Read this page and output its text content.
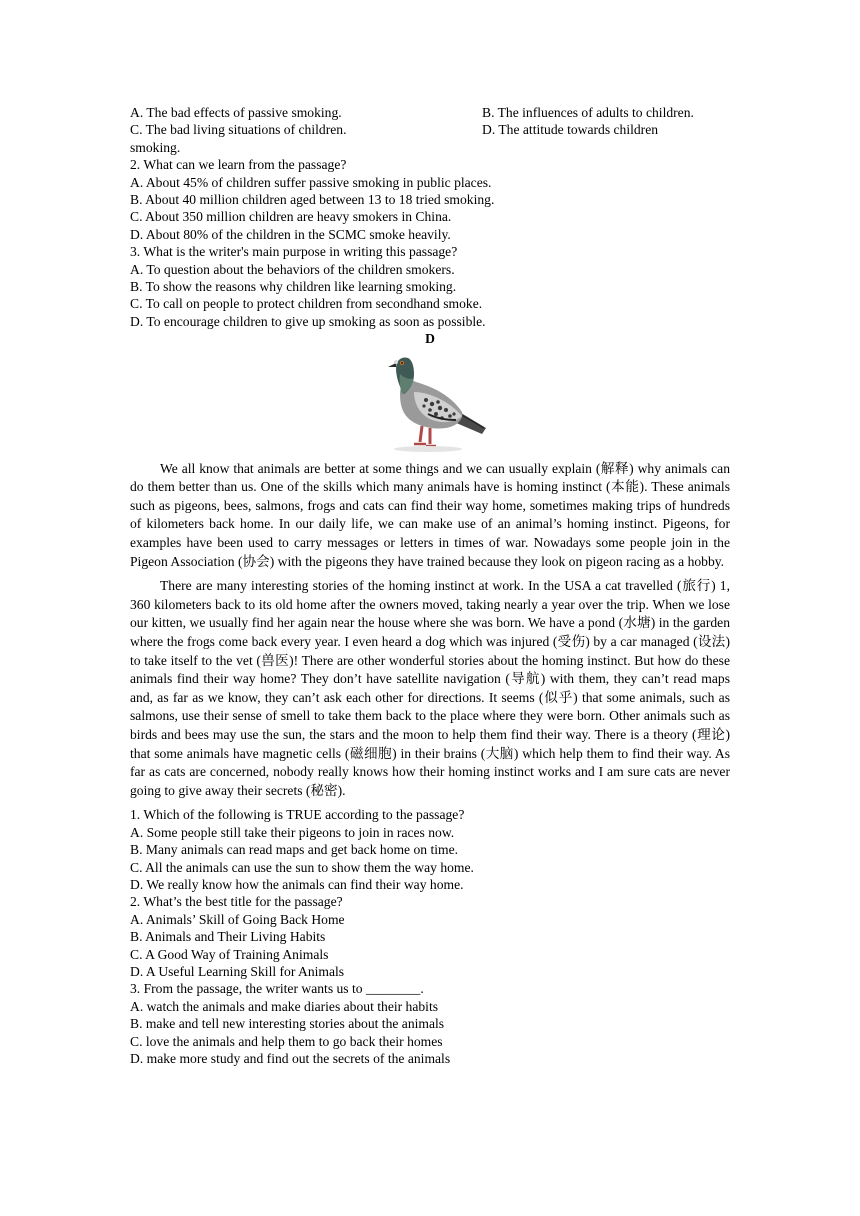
A. The bad effects of passive smoking.	B. The influences of adults to children.
C. The bad living situations of children.	D. The attitude towards children
smoking.
2. What can we learn from the passage?
A. About 45% of children suffer passive smoking in public places.
B. About 40 million children aged between 13 to 18 tried smoking.
C. About 350 million children are heavy smokers in China.
D. About 80% of the children in the SCMC smoke heavily.
3. What is the writer's main purpose in writing this passage?
A. To question about the behaviors of the children smokers.
B. To show the reasons why children like learning smoking.
C. To call on people to protect children from secondhand smoke.
D. To encourage children to give up smoking as soon as possible.
D

We all know that animals are better at some things and we can usually explain (解释) why animals can do them better than us. One of the skills which many animals have is homing instinct (本能). These animals such as pigeons, bees, salmons, frogs and cats can find their way home, sometimes making trips of hundreds of kilometers back home. In our daily life, we can make use of an animal’s homing instinct. Pigeons, for examples have been used to carry messages or letters in times of war. Nowadays some people join in the Pigeon Association (协会) with the pigeons they have trained because they look on pigeon racing as a hobby.

There are many interesting stories of the homing instinct at work. In the USA a cat travelled (旅行) 1, 360 kilometers back to its old home after the owners moved, taking nearly a year over the trip. When we lose our kitten, we usually find her again near the house where she was born. We have a pond (水塘) in the garden where the frogs come back every year. I even heard a dog which was injured (受伤) by a car managed (设法) to take itself to the vet (兽医)! There are other wonderful stories about the homing instinct. But how do these animals find their way home? They don’t have satellite navigation (导航) with them, they can’t read maps and, as far as we know, they can’t ask each other for directions. It seems (似乎) that some animals, such as salmons, use their sense of smell to take them back to the place where they were born. Other animals such as birds and bees may use the sun, the stars and the moon to help them find their way. There is a theory (理论) that some animals have magnetic cells (磁细胞) in their brains (大脑) which help them to find their way. As far as cats are concerned, nobody really knows how their homing instinct works and I am sure cats are never going to give away their secrets (秘密).

1. Which of the following is TRUE according to the passage?
A. Some people still take their pigeons to join in races now.
B. Many animals can read maps and get back home on time.
C. All the animals can use the sun to show them the way home.
D. We really know how the animals can find their way home.
2. What’s the best title for the passage?
A. Animals’ Skill of Going Back Home
B. Animals and Their Living Habits
C. A Good Way of Training Animals
D. A Useful Learning Skill for Animals
3. From the passage, the writer wants us to ________.
A. watch the animals and make diaries about their habits
B. make and tell new interesting stories about the animals
C. love the animals and help them to go back their homes
D. make more study and find out the secrets of the animals
